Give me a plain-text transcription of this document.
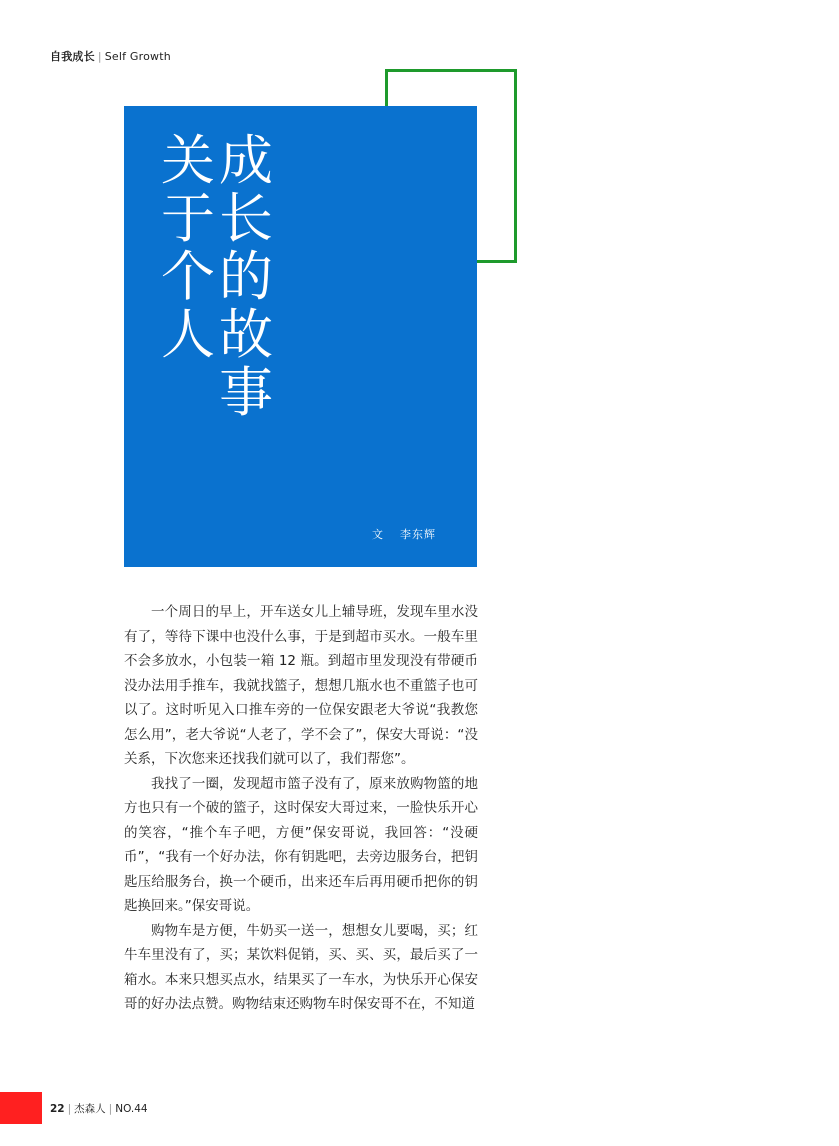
自我成长 | Self Growth
成
长
的
故
事
关
于
个
人
文 李东辉

一个周日的早上，开车送女儿上辅导班，发现车里水没有了，等待下课中也没什么事，于是到超市买水。一般车里不会多放水，小包装一箱 12 瓶。到超市里发现没有带硬币没办法用手推车，我就找篮子，想想几瓶水也不重篮子也可以了。这时听见入口推车旁的一位保安跟老大爷说“我教您怎么用”，老大爷说“人老了，学不会了”，保安大哥说：“没关系，下次您来还找我们就可以了，我们帮您”。

我找了一圈，发现超市篮子没有了，原来放购物篮的地方也只有一个破的篮子，这时保安大哥过来，一脸快乐开心的笑容，“推个车子吧，方便”保安哥说，我回答：“没硬币”，“我有一个好办法，你有钥匙吧，去旁边服务台，把钥匙压给服务台，换一个硬币，出来还车后再用硬币把你的钥匙换回来。”保安哥说。

购物车是方便，牛奶买一送一，想想女儿要喝，买；红牛车里没有了，买；某饮料促销，买、买、买，最后买了一箱水。本来只想买点水，结果买了一车水，为快乐开心保安哥的好办法点赞。购物结束还购物车时保安哥不在，不知道

22 | 杰森人 | NO.44
